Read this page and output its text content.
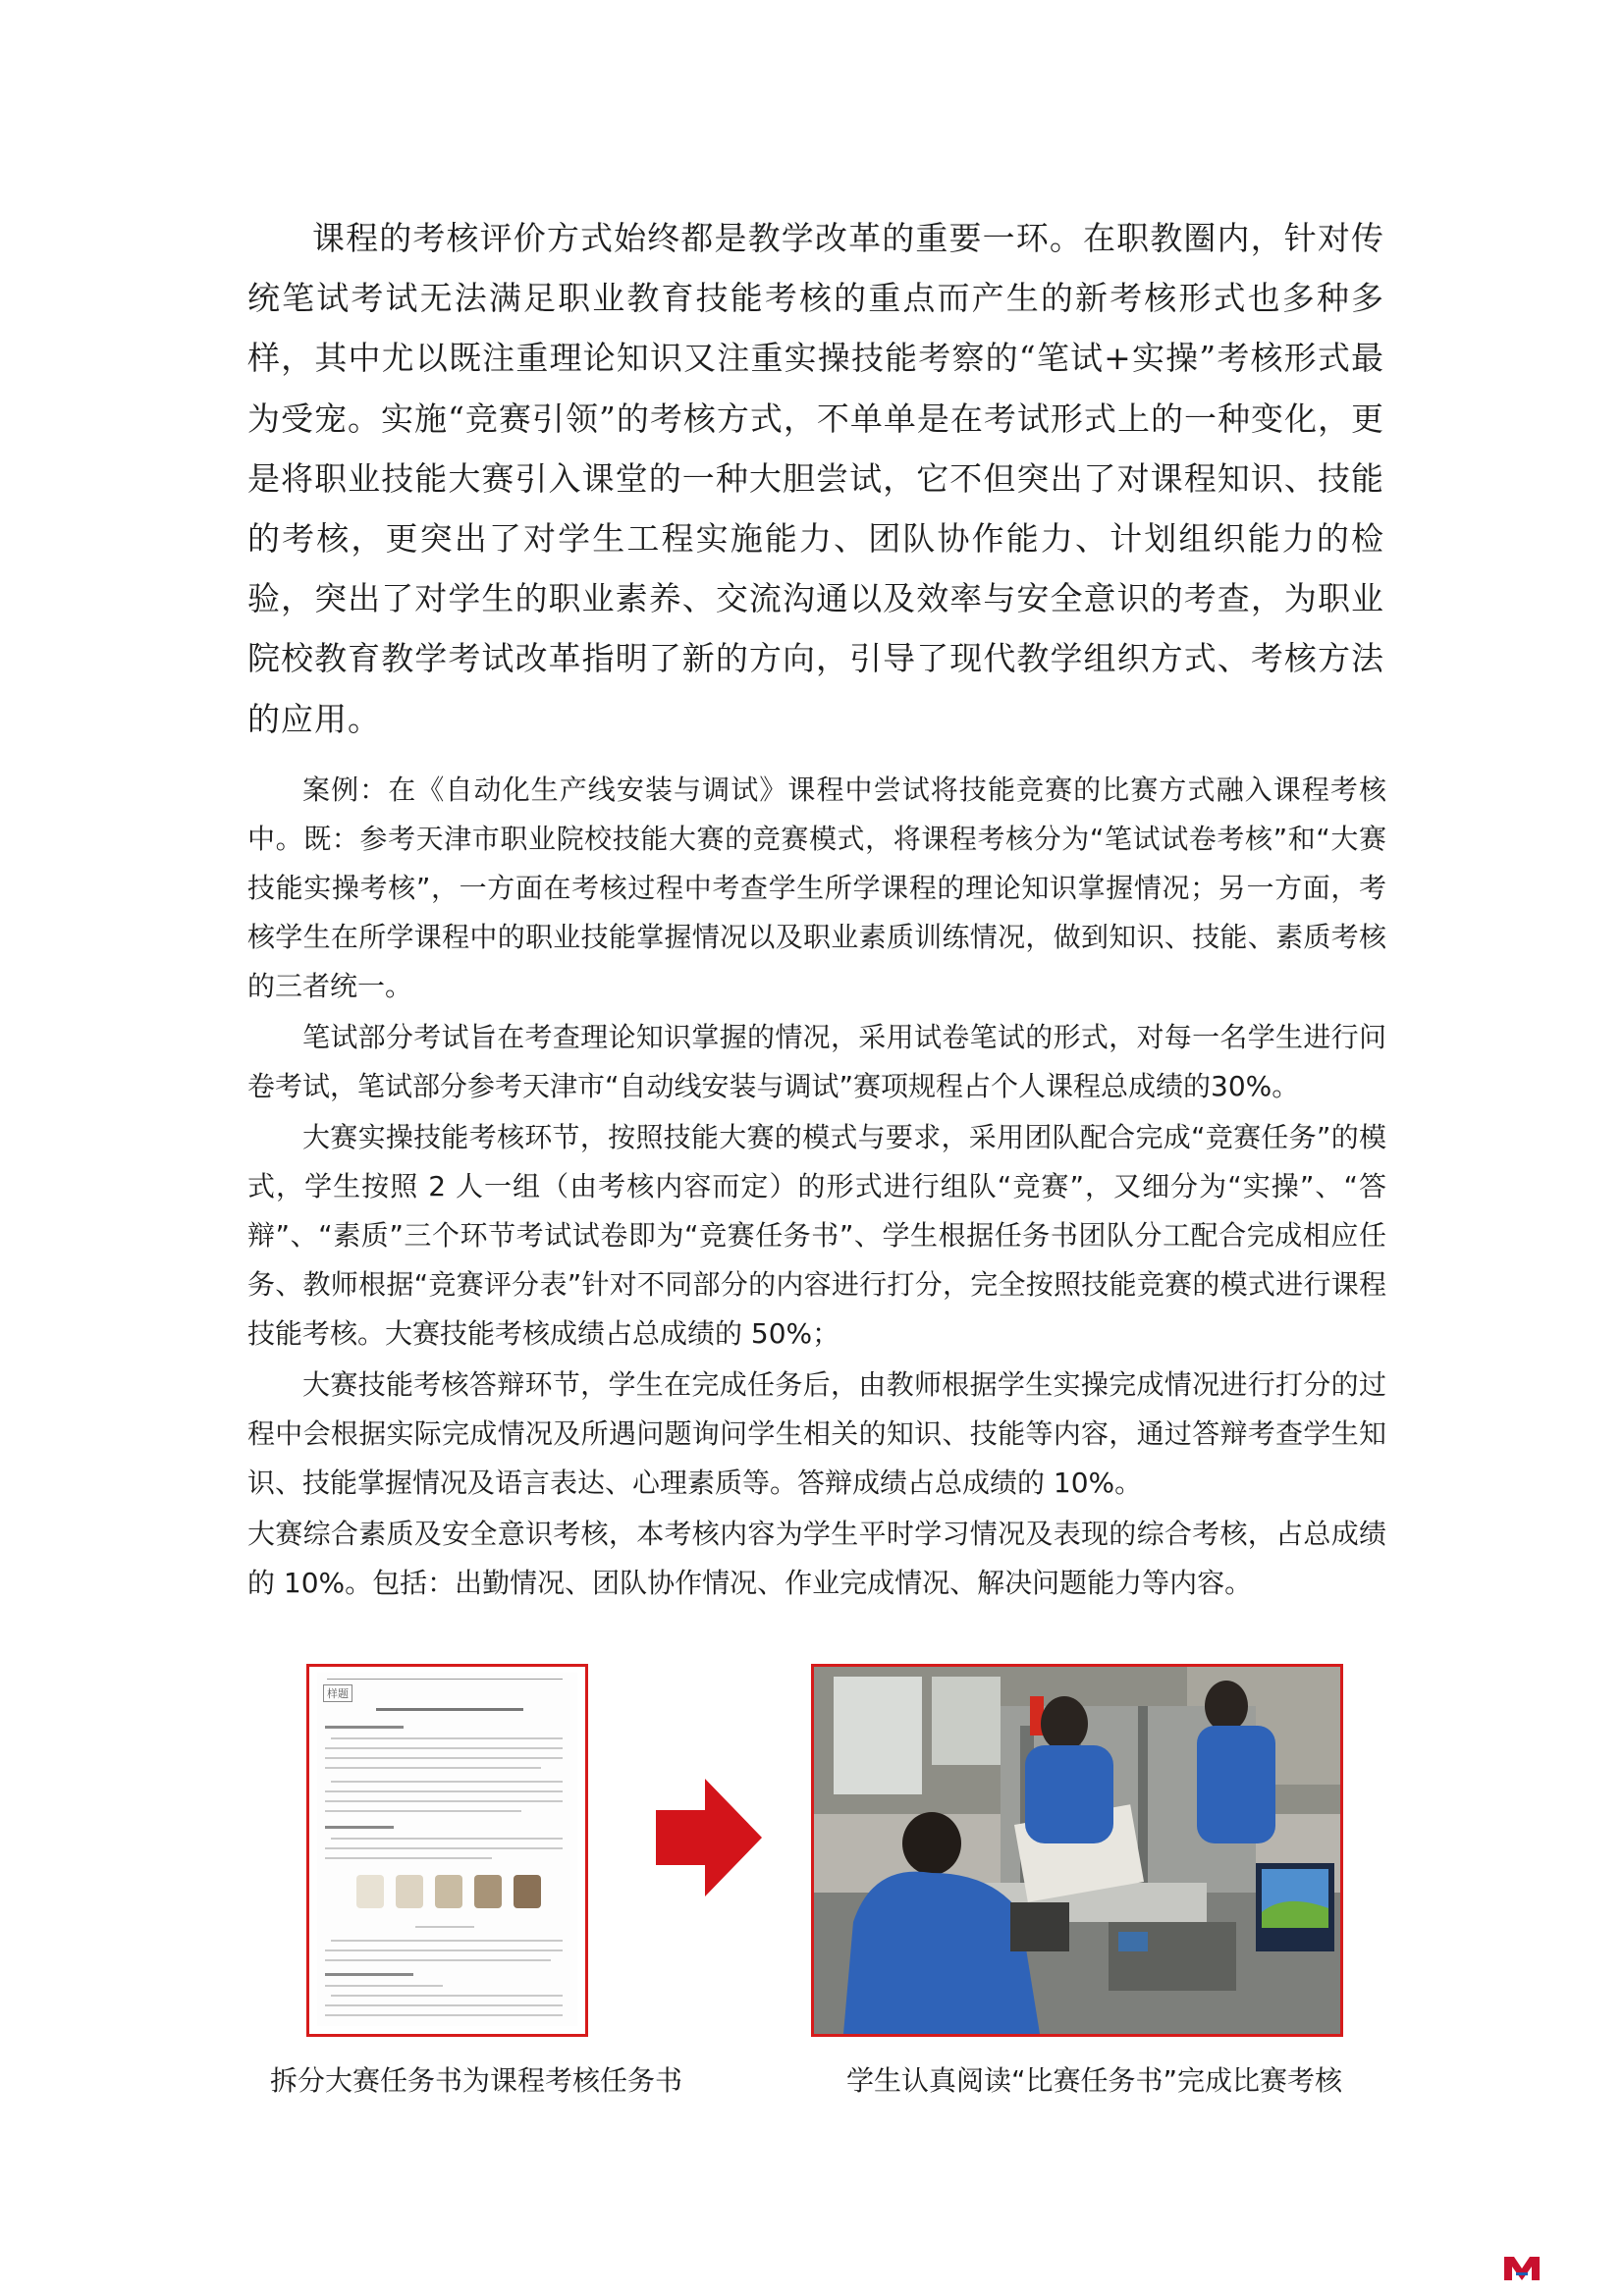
课程的考核评价方式始终都是教学改革的重要一环。在职教圈内，针对传统笔试考试无法满足职业教育技能考核的重点而产生的新考核形式也多种多样，其中尤以既注重理论知识又注重实操技能考察的“笔试+实操”考核形式最为受宠。实施“竞赛引领”的考核方式，不单单是在考试形式上的一种变化，更是将职业技能大赛引入课堂的一种大胆尝试，它不但突出了对课程知识、技能的考核，更突出了对学生工程实施能力、团队协作能力、计划组织能力的检验，突出了对学生的职业素养、交流沟通以及效率与安全意识的考查，为职业院校教育教学考试改革指明了新的方向，引导了现代教学组织方式、考核方法的应用。

案例：在《自动化生产线安装与调试》课程中尝试将技能竞赛的比赛方式融入课程考核中。既：参考天津市职业院校技能大赛的竞赛模式，将课程考核分为“笔试试卷考核”和“大赛技能实操考核”，一方面在考核过程中考查学生所学课程的理论知识掌握情况；另一方面，考核学生在所学课程中的职业技能掌握情况以及职业素质训练情况，做到知识、技能、素质考核的三者统一。

笔试部分考试旨在考查理论知识掌握的情况，采用试卷笔试的形式，对每一名学生进行问卷考试，笔试部分参考天津市“自动线安装与调试”赛项规程占个人课程总成绩的30%。

大赛实操技能考核环节，按照技能大赛的模式与要求，采用团队配合完成“竞赛任务”的模式，学生按照 2 人一组（由考核内容而定）的形式进行组队“竞赛”，又细分为“实操”、“答辩”、“素质”三个环节考试试卷即为“竞赛任务书”、学生根据任务书团队分工配合完成相应任务、教师根据“竞赛评分表”针对不同部分的内容进行打分，完全按照技能竞赛的模式进行课程技能考核。大赛技能考核成绩占总成绩的 50%；

大赛技能考核答辩环节，学生在完成任务后，由教师根据学生实操完成情况进行打分的过程中会根据实际完成情况及所遇问题询问学生相关的知识、技能等内容，通过答辩考查学生知识、技能掌握情况及语言表达、心理素质等。答辩成绩占总成绩的 10%。

大赛综合素质及安全意识考核，本考核内容为学生平时学习情况及表现的综合考核，占总成绩的 10%。包括：出勤情况、团队协作情况、作业完成情况、解决问题能力等内容。

样题
拆分大赛任务书为课程考核任务书	学生认真阅读“比赛任务书”完成比赛考核
